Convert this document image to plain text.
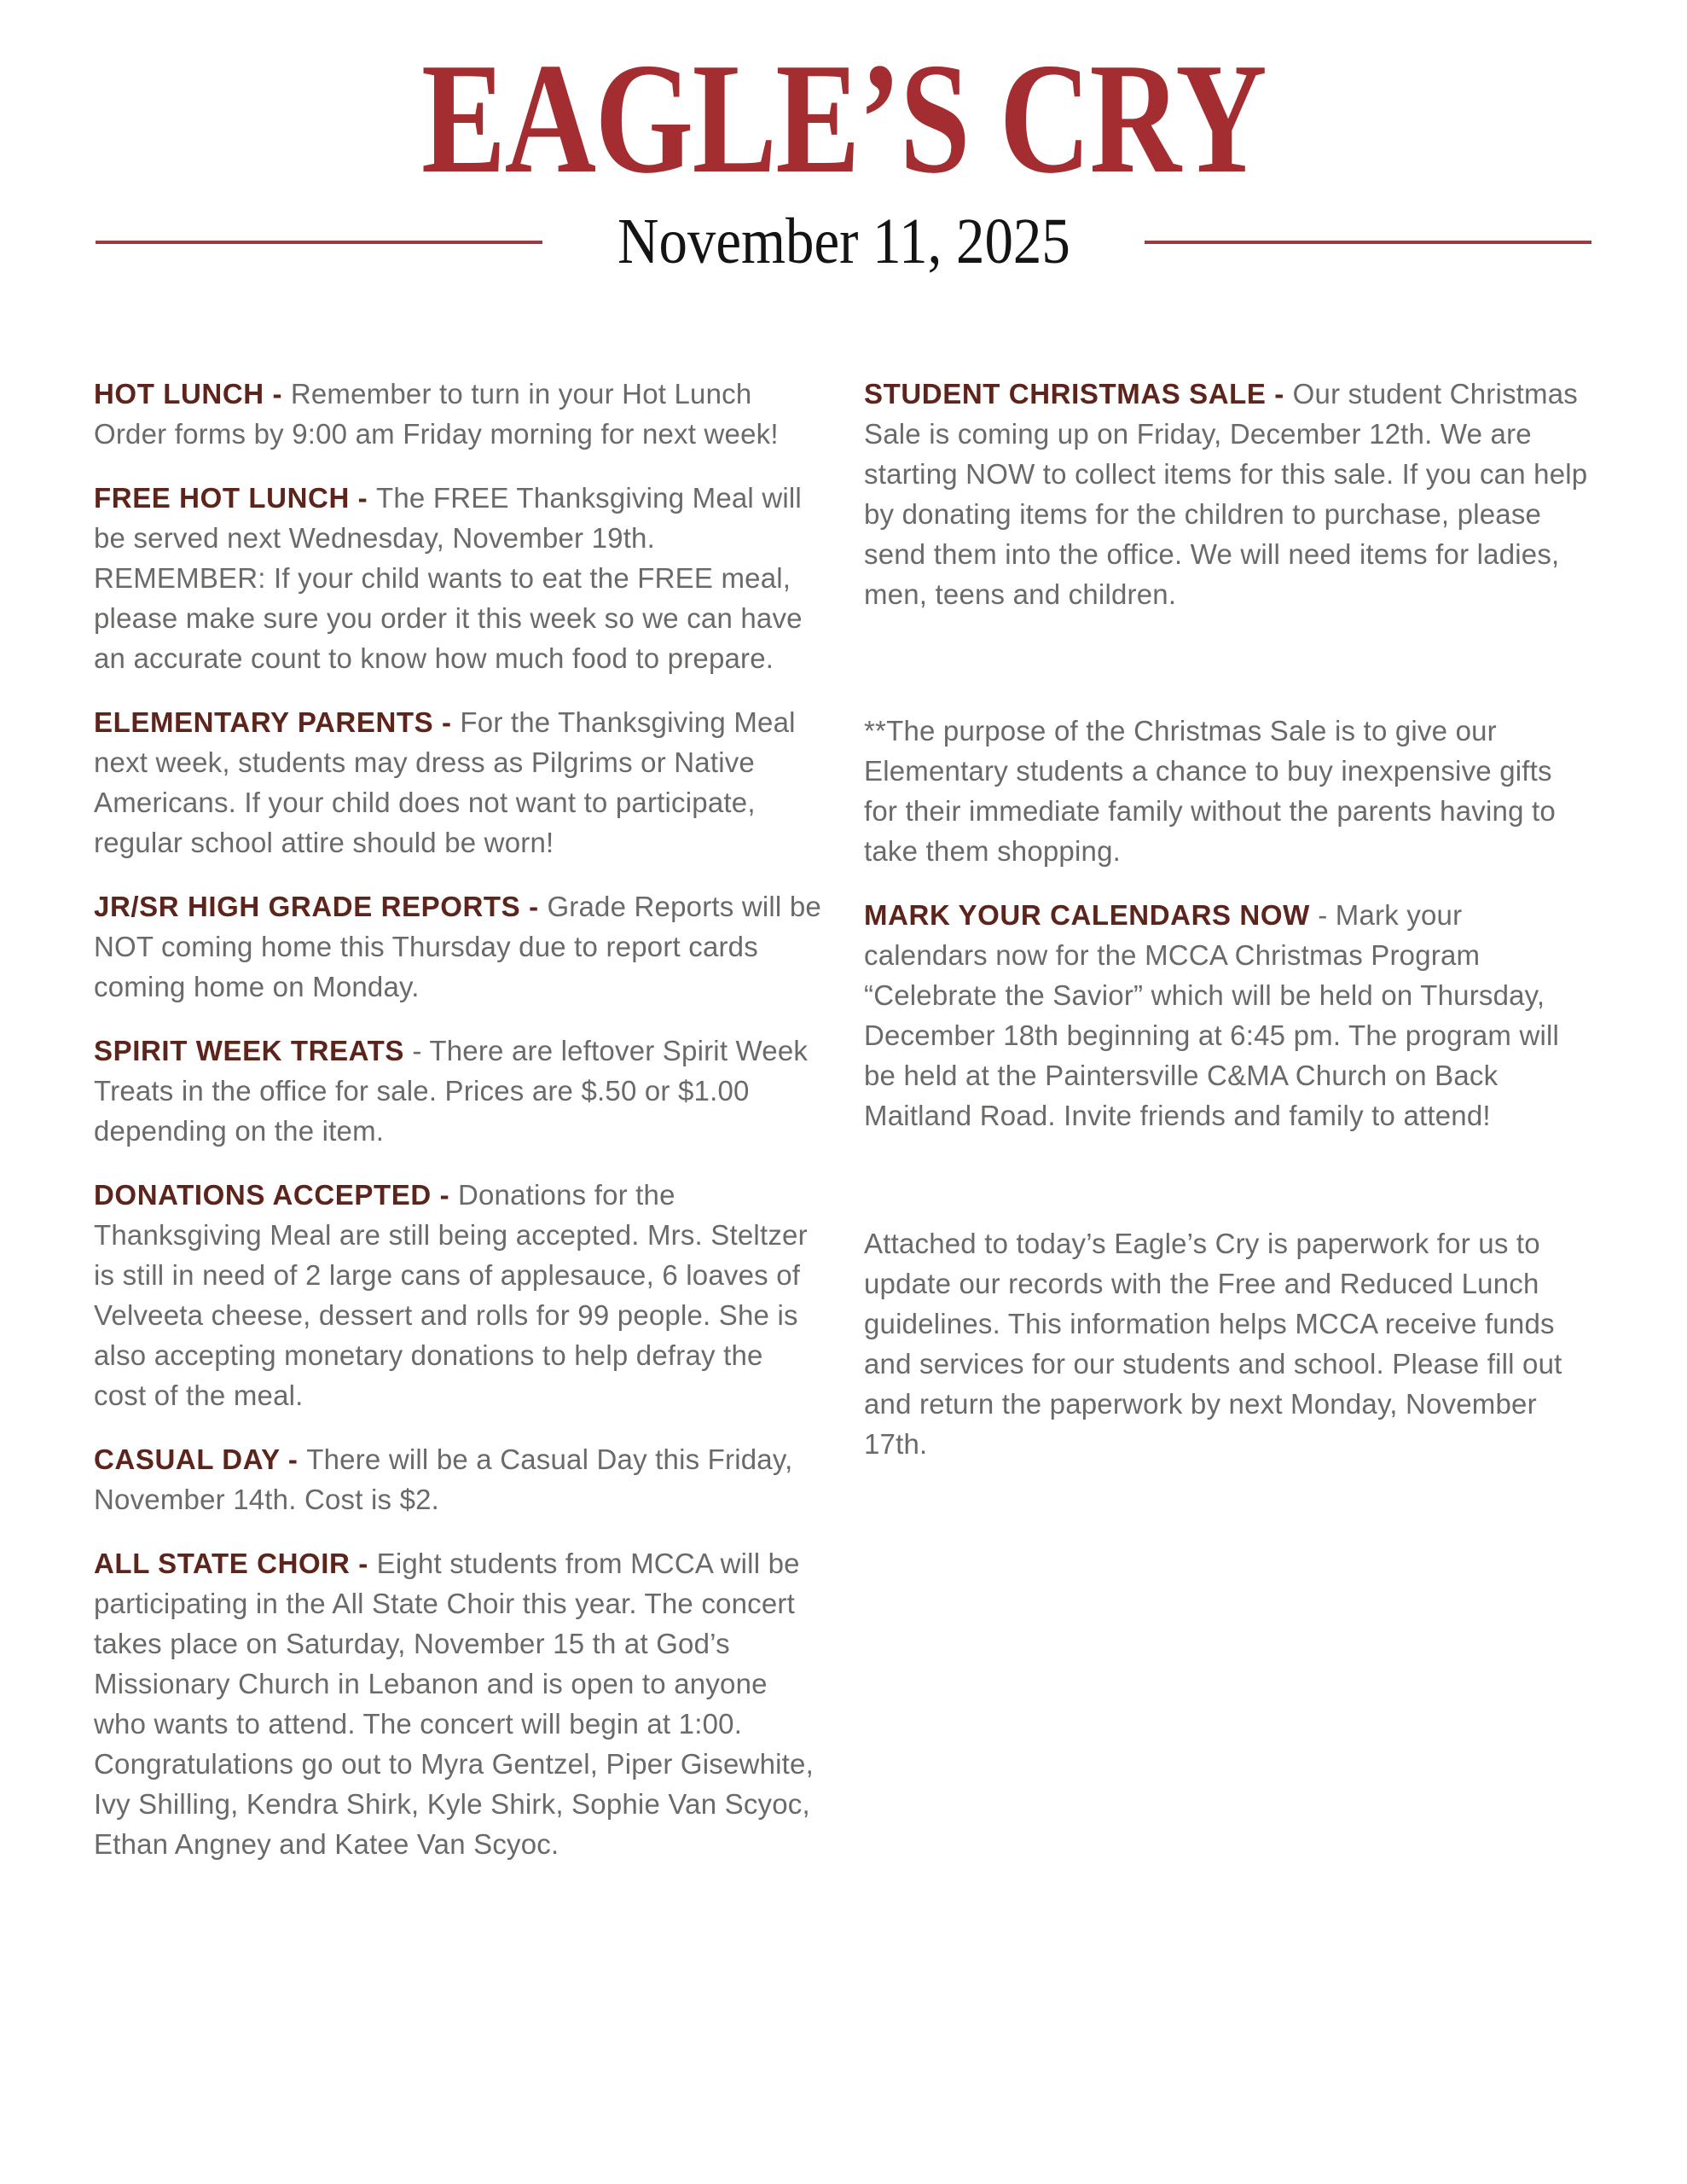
EAGLE’S CRY
November 11, 2025

HOT LUNCH - Remember to turn in your Hot Lunch Order forms by 9:00 am Friday morning for next week!

FREE HOT LUNCH - The FREE Thanksgiving Meal will be served next Wednesday, November 19th. REMEMBER: If your child wants to eat the FREE meal, please make sure you order it this week so we can have an accurate count to know how much food to prepare.

ELEMENTARY PARENTS - For the Thanksgiving Meal next week, students may dress as Pilgrims or Native Americans. If your child does not want to participate, regular school attire should be worn!

JR/SR HIGH GRADE REPORTS - Grade Reports will be NOT coming home this Thursday due to report cards coming home on Monday.

SPIRIT WEEK TREATS - There are leftover Spirit Week Treats in the office for sale. Prices are $.50 or $1.00 depending on the item.

DONATIONS ACCEPTED - Donations for the Thanksgiving Meal are still being accepted. Mrs. Steltzer is still in need of 2 large cans of applesauce, 6 loaves of Velveeta cheese, dessert and rolls for 99 people. She is also accepting monetary donations to help defray the cost of the meal.

CASUAL DAY - There will be a Casual Day this Friday, November 14th. Cost is $2.

ALL STATE CHOIR - Eight students from MCCA will be participating in the All State Choir this year. The concert takes place on Saturday, November 15 th at God’s Missionary Church in Lebanon and is open to anyone who wants to attend. The concert will begin at 1:00. Congratulations go out to Myra Gentzel, Piper Gisewhite, Ivy Shilling, Kendra Shirk, Kyle Shirk, Sophie Van Scyoc, Ethan Angney and Katee Van Scyoc.

STUDENT CHRISTMAS SALE - Our student Christmas Sale is coming up on Friday, December 12th. We are starting NOW to collect items for this sale. If you can help by donating items for the children to purchase, please send them into the office. We will need items for ladies, men, teens and children.

**The purpose of the Christmas Sale is to give our Elementary students a chance to buy inexpensive gifts for their immediate family without the parents having to take them shopping.

MARK YOUR CALENDARS NOW - Mark your calendars now for the MCCA Christmas Program “Celebrate the Savior” which will be held on Thursday, December 18th beginning at 6:45 pm. The program will be held at the Paintersville C&MA Church on Back Maitland Road. Invite friends and family to attend!

Attached to today’s Eagle’s Cry is paperwork for us to update our records with the Free and Reduced Lunch guidelines. This information helps MCCA receive funds and services for our students and school. Please fill out and return the paperwork by next Monday, November 17th.
